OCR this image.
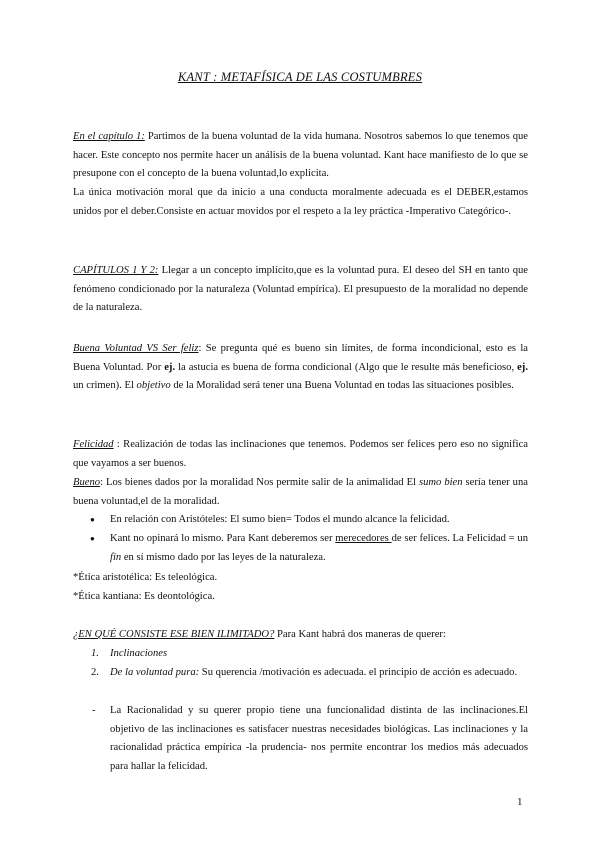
KANT : METAFÍSICA DE LAS COSTUMBRES

En el capítulo 1: Partimos de la buena voluntad de la vida humana. Nosotros sabemos lo que tenemos que hacer. Este concepto nos permite hacer un análisis de la buena voluntad. Kant hace manifiesto de lo que se presupone con el concepto de la buena voluntad,lo explicita.

La única motivación moral que da inicio a una conducta moralmente adecuada es el DEBER,estamos unidos por el deber.Consiste en actuar movidos por el respeto a la ley práctica -Imperativo Categórico-.

CAPÍTULOS 1 Y 2: Llegar a un concepto implícito,que es la voluntad pura. El deseo del SH en tanto que fenómeno condicionado por la naturaleza (Voluntad empírica). El presupuesto de la moralidad no depende de la naturaleza.

Buena Voluntad VS Ser feliz: Se pregunta qué es bueno sin límites, de forma incondicional, esto es la Buena Voluntad. Por ej. la astucia es buena de forma condicional (Algo que le resulte más beneficioso, ej. un crimen). El objetivo de la Moralidad será tener una Buena Voluntad en todas las situaciones posibles.

Felicidad : Realización de todas las inclinaciones que tenemos. Podemos ser felices pero eso no significa que vayamos a ser buenos.

Bueno: Los bienes dados por la moralidad Nos permite salir de la animalidad El sumo bien sería tener una buena voluntad,el de la moralidad.

● En relación con Aristóteles: El sumo bien= Todos el mundo alcance la felicidad.

● Kant no opinará lo mismo. Para Kant deberemos ser merecedores de ser felices. La Felicidad = un fin en sí mismo dado por las leyes de la naturaleza.

*Ética aristotélica: Es teleológica.

*Ética kantiana: Es deontológica.

¿EN QUÉ CONSISTE ESE BIEN ILIMITADO? Para Kant habrá dos maneras de querer:

1. Inclinaciones

2. De la voluntad pura: Su querencia /motivación es adecuada. el principio de acción es adecuado.

- La Racionalidad y su querer propio tiene una funcionalidad distinta de las inclinaciones.El objetivo de las inclinaciones es satisfacer nuestras necesidades biológicas. Las inclinaciones y la racionalidad práctica empírica -la prudencia- nos permite encontrar los medios más adecuados para hallar la felicidad.

1
